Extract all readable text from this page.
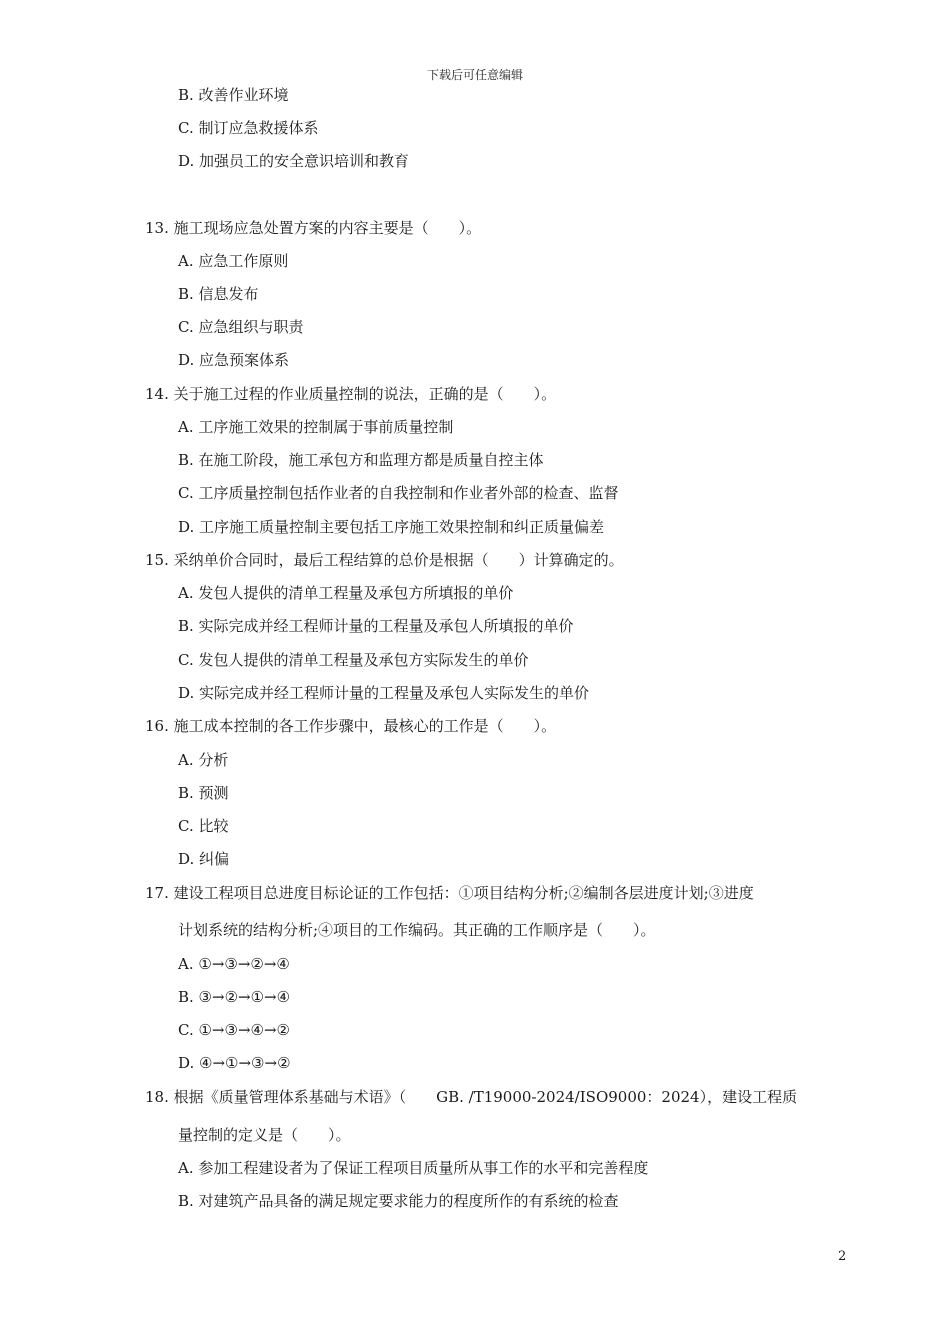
下载后可任意编辑
B. 改善作业环境
C. 制订应急救援体系
D. 加强员工的安全意识培训和教育
13. 施工现场应急处置方案的内容主要是（　　）。
A. 应急工作原则
B. 信息发布
C. 应急组织与职责
D. 应急预案体系
14. 关于施工过程的作业质量控制的说法，正确的是（　　）。
A. 工序施工效果的控制属于事前质量控制
B. 在施工阶段，施工承包方和监理方都是质量自控主体
C. 工序质量控制包括作业者的自我控制和作业者外部的检查、监督
D. 工序施工质量控制主要包括工序施工效果控制和纠正质量偏差
15. 采纳单价合同时，最后工程结算的总价是根据（　　）计算确定的。
A. 发包人提供的清单工程量及承包方所填报的单价
B. 实际完成并经工程师计量的工程量及承包人所填报的单价
C. 发包人提供的清单工程量及承包方实际发生的单价
D. 实际完成并经工程师计量的工程量及承包人实际发生的单价
16. 施工成本控制的各工作步骤中，最核心的工作是（　　）。
A. 分析
B. 预测
C. 比较
D. 纠偏
17. 建设工程项目总进度目标论证的工作包括：①项目结构分析;②编制各层进度计划;③进度
计划系统的结构分析;④项目的工作编码。其正确的工作顺序是（　　）。
A. ①→③→②→④
B. ③→②→①→④
C. ①→③→④→②
D. ④→①→③→②
18. 根据《质量管理体系基础与术语》（　　GB. /T19000-2024/ISO9000：2024），建设工程质
量控制的定义是（　　）。
A. 参加工程建设者为了保证工程项目质量所从事工作的水平和完善程度
B. 对建筑产品具备的满足规定要求能力的程度所作的有系统的检查
2
